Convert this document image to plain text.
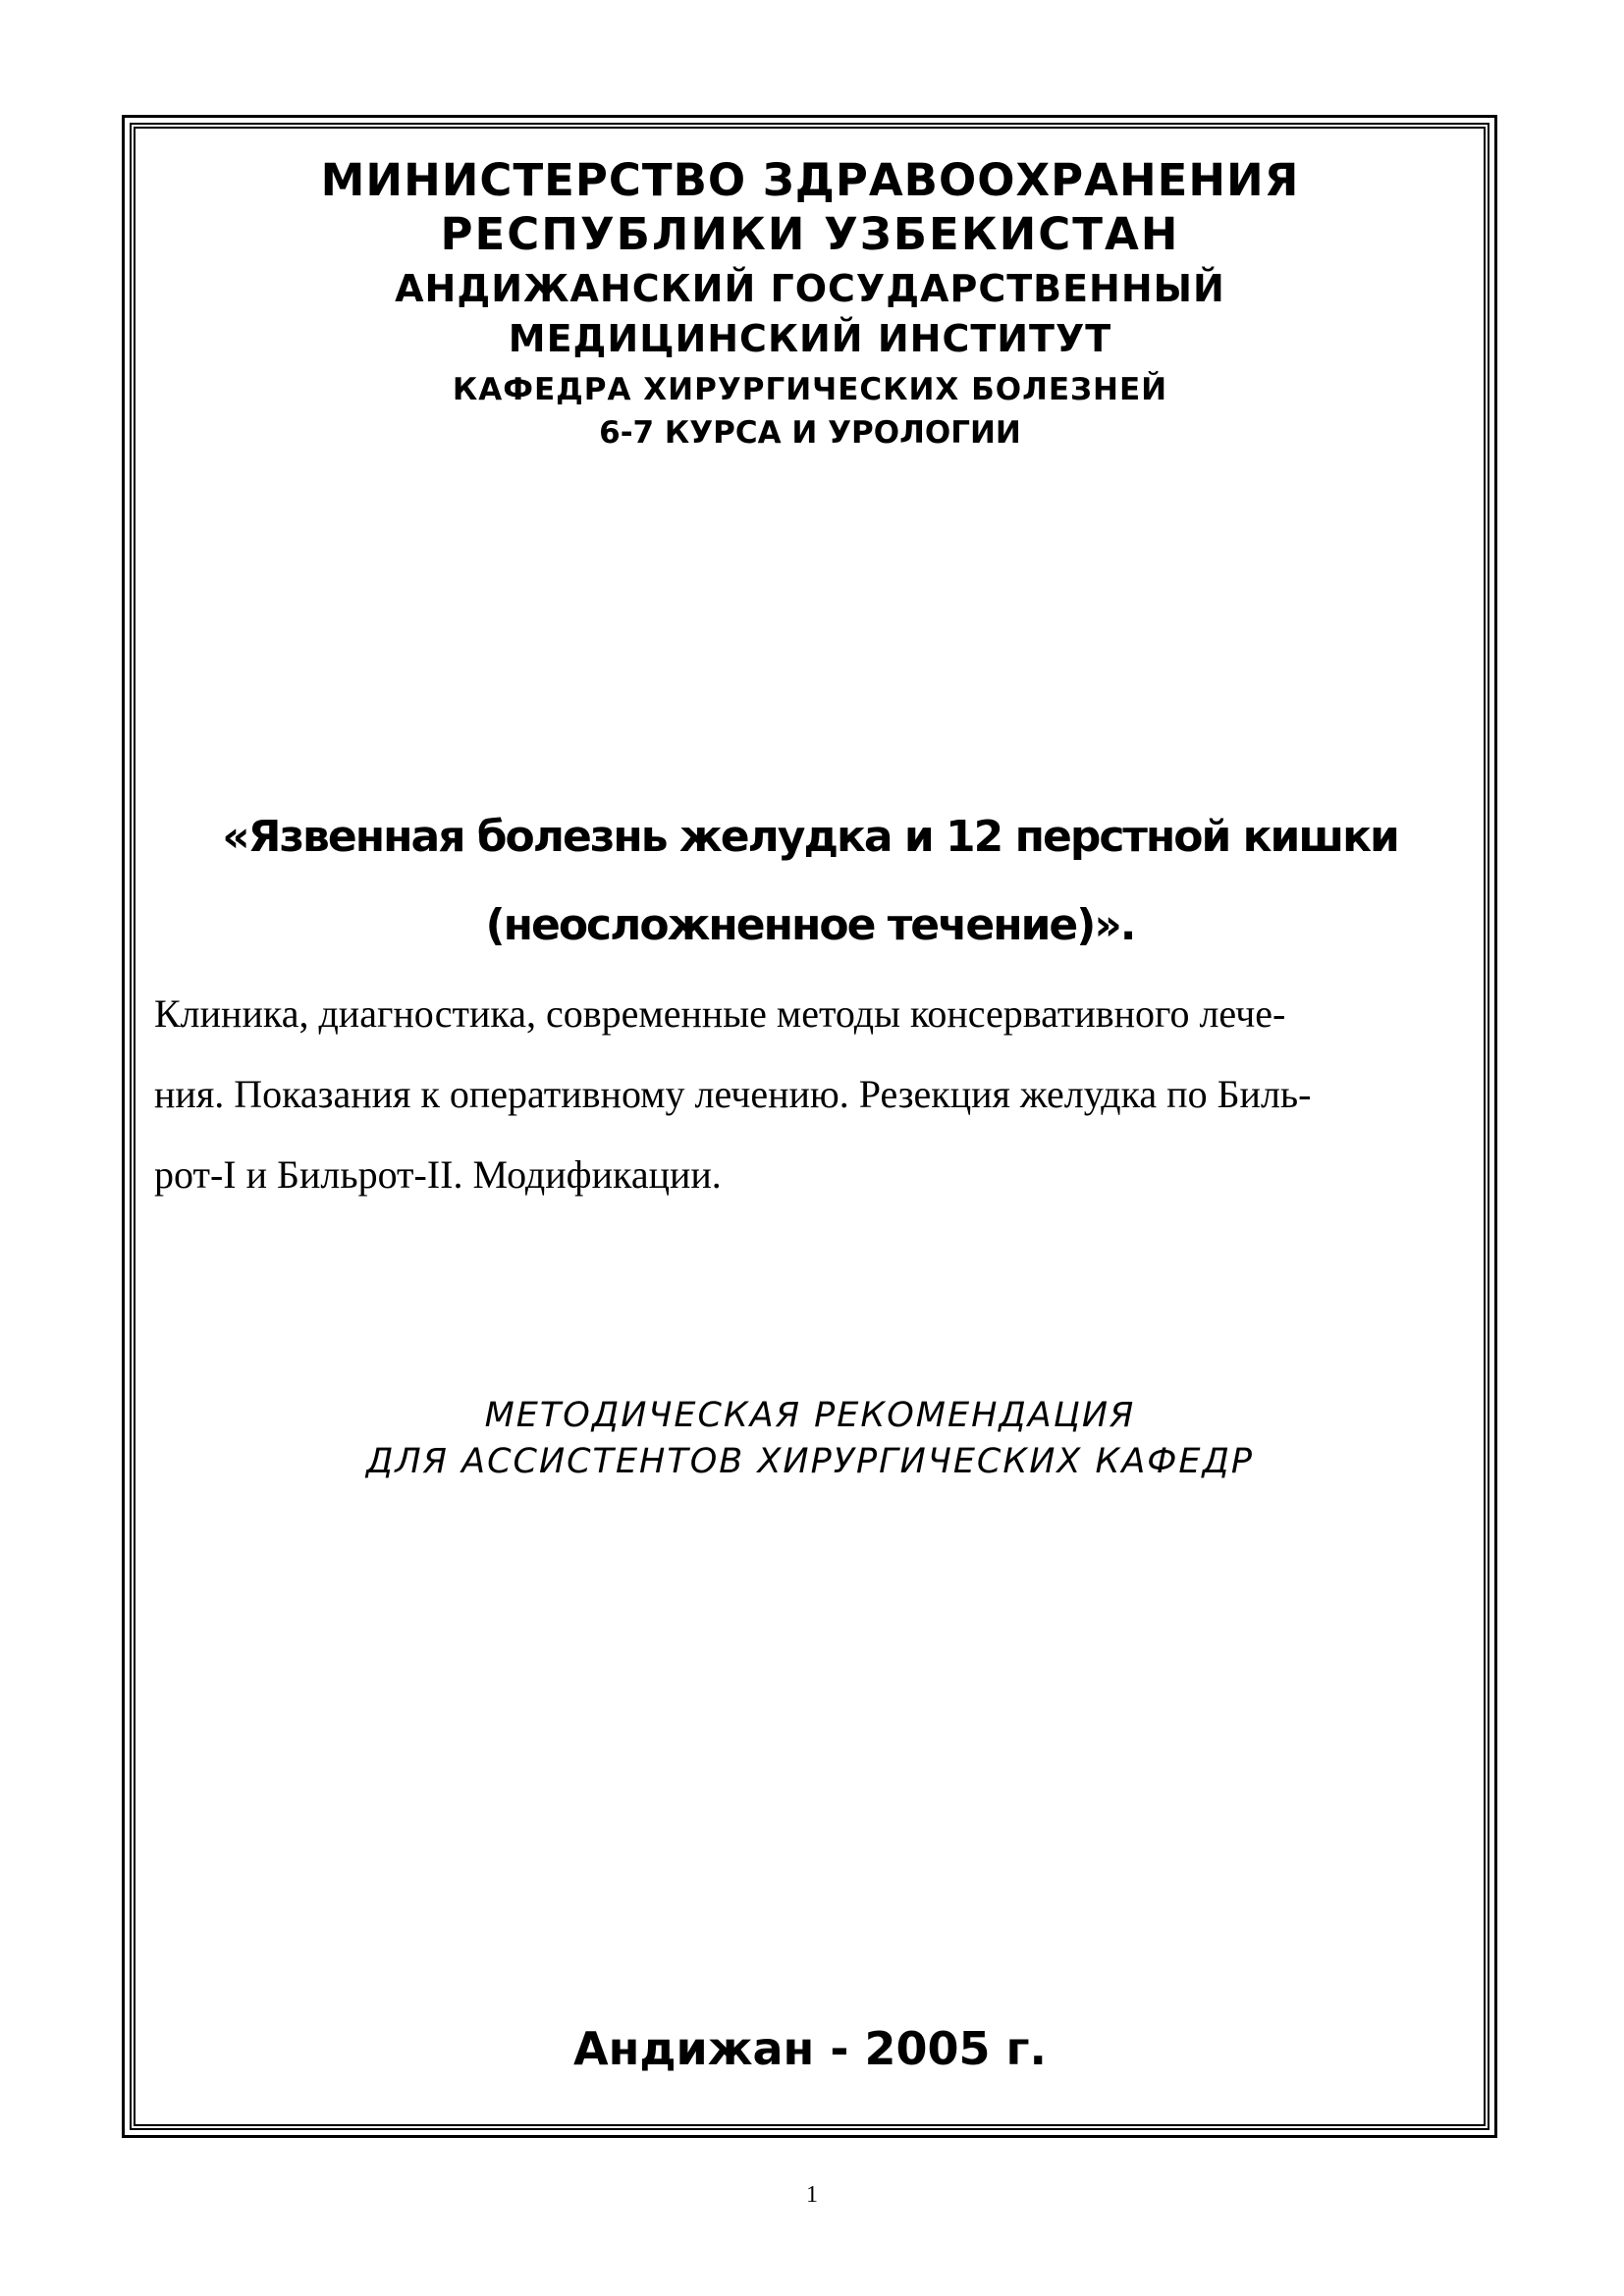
МИНИСТЕРСТВО ЗДРАВООХРАНЕНИЯ
РЕСПУБЛИКИ УЗБЕКИСТАН
АНДИЖАНСКИЙ ГОСУДАРСТВЕННЫЙ
МЕДИЦИНСКИЙ ИНСТИТУТ
КАФЕДРА ХИРУРГИЧЕСКИХ БОЛЕЗНЕЙ
6-7 КУРСА И УРОЛОГИИ
«Язвенная болезнь желудка и 12 перстной кишки
(неосложненное течение)».
Клиника, диагностика, современные методы консервативного лече-
ния. Показания к оперативному лечению. Резекция желудка по Биль-
рот-I и Бильрот-II. Модификации.
МЕТОДИЧЕСКАЯ РЕКОМЕНДАЦИЯ
ДЛЯ АССИСТЕНТОВ ХИРУРГИЧЕСКИХ КАФЕДР
Андижан - 2005 г.
1
